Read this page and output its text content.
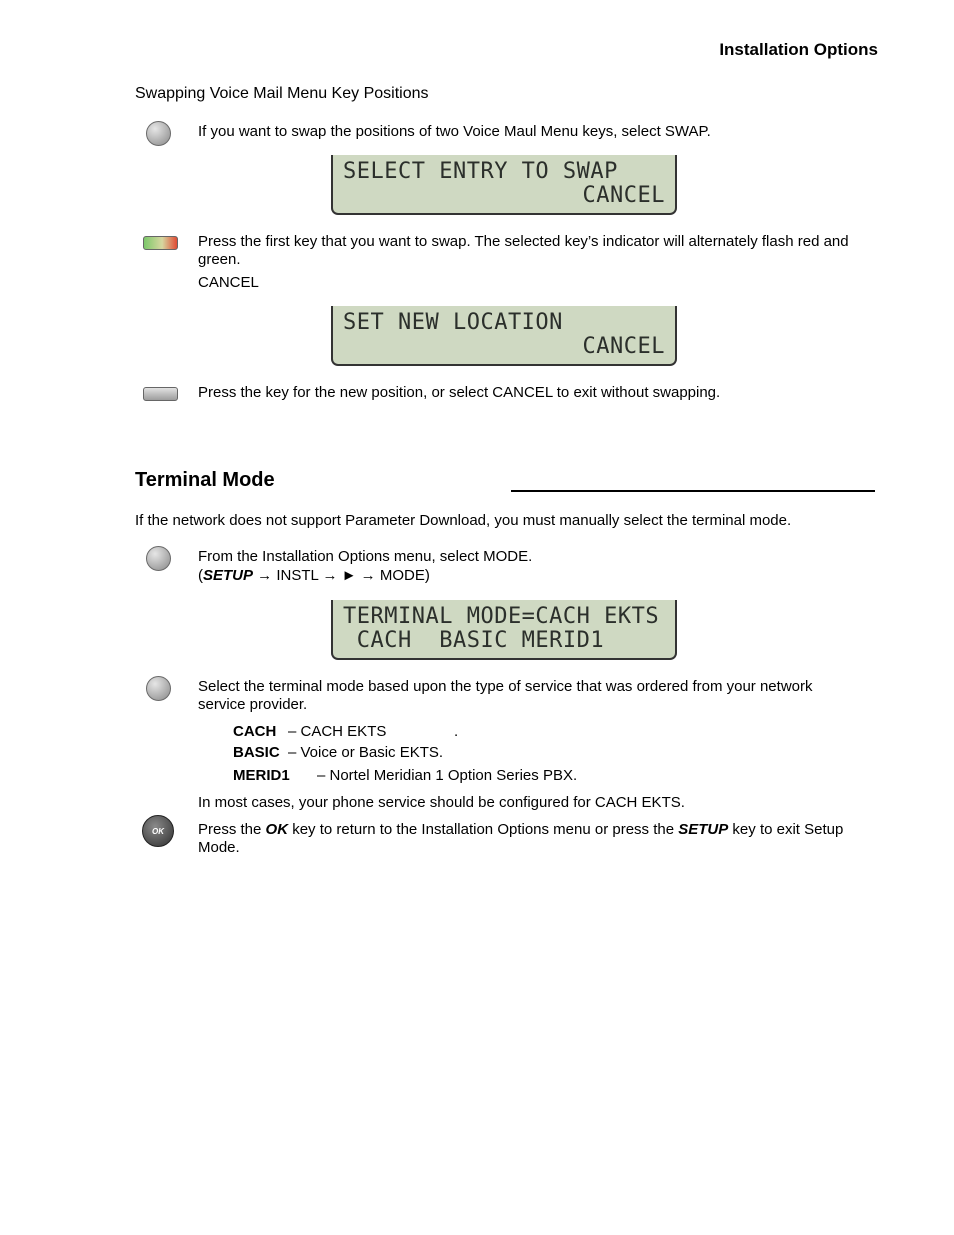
Installation Options
Swapping Voice Mail Menu Key Positions
If you want to swap the positions of two Voice Maul Menu keys, select SWAP.
SELECT ENTRY TO SWAP
CANCEL
Press the first key that you want to swap. The selected key’s indicator will alternately flash red and
green.
CANCEL
SET NEW LOCATION
CANCEL
Press the key for the new position, or select CANCEL to exit without swapping.
Terminal Mode
If the network does not support Parameter Download, you must manually select the terminal mode.
From the Installation Options menu, select MODE.
(SETUP → INSTL → ► → MODE)
TERMINAL MODE=CACH EKTS
CACH  BASIC MERID1
Select the terminal mode based upon the type of service that was ordered from your network
service provider.
CACH – CACH EKTS	.
BASIC – Voice or Basic EKTS.
MERID1 – Nortel Meridian 1 Option Series PBX.
In most cases, your phone service should be configured for CACH EKTS.
OK	Press the OK key to return to the Installation Options menu or press the SETUP key to exit Setup
Mode.
